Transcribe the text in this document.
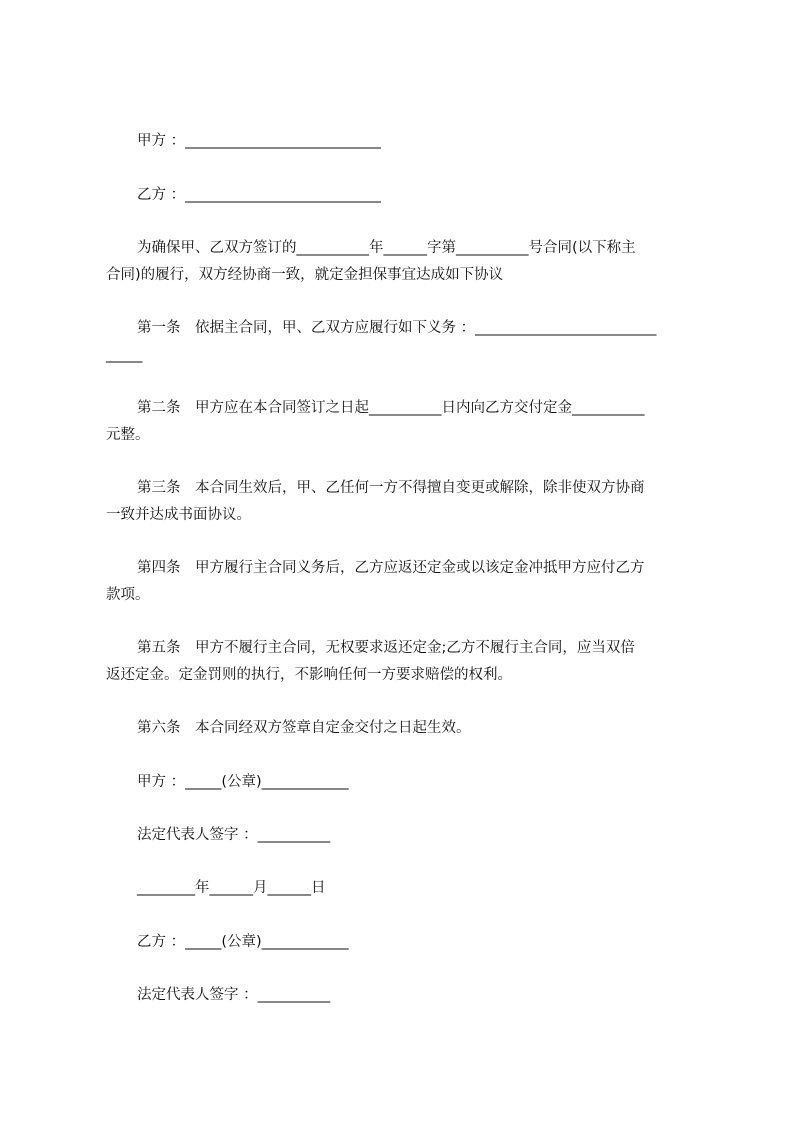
甲方 ：___________________________
乙方 ：___________________________
为确保甲、乙双方签订的__________年______字第__________号合同(以下称主
合同)的履行，双方经协商一致，就定金担保事宜达成如下协议
第一条　依据主合同，甲、乙双方应履行如下义务 ：_________________________
_____
第二条　甲方应在本合同签订之日起__________日内向乙方交付定金__________
元整。
第三条　本合同生效后，甲、乙任何一方不得擅自变更或解除，除非使双方协商
一致并达成书面协议。
第四条　甲方履行主合同义务后，乙方应返还定金或以该定金冲抵甲方应付乙方
款项。
第五条　甲方不履行主合同，无权要求返还定金;乙方不履行主合同，应当双倍
返还定金。定金罚则的执行，不影响任何一方要求赔偿的权利。
第六条　本合同经双方签章自定金交付之日起生效。
甲方 ：_____(公章)____________
法定代表人签字 ：__________
________年______月______日
乙方 ：_____(公章)____________
法定代表人签字 ：__________
